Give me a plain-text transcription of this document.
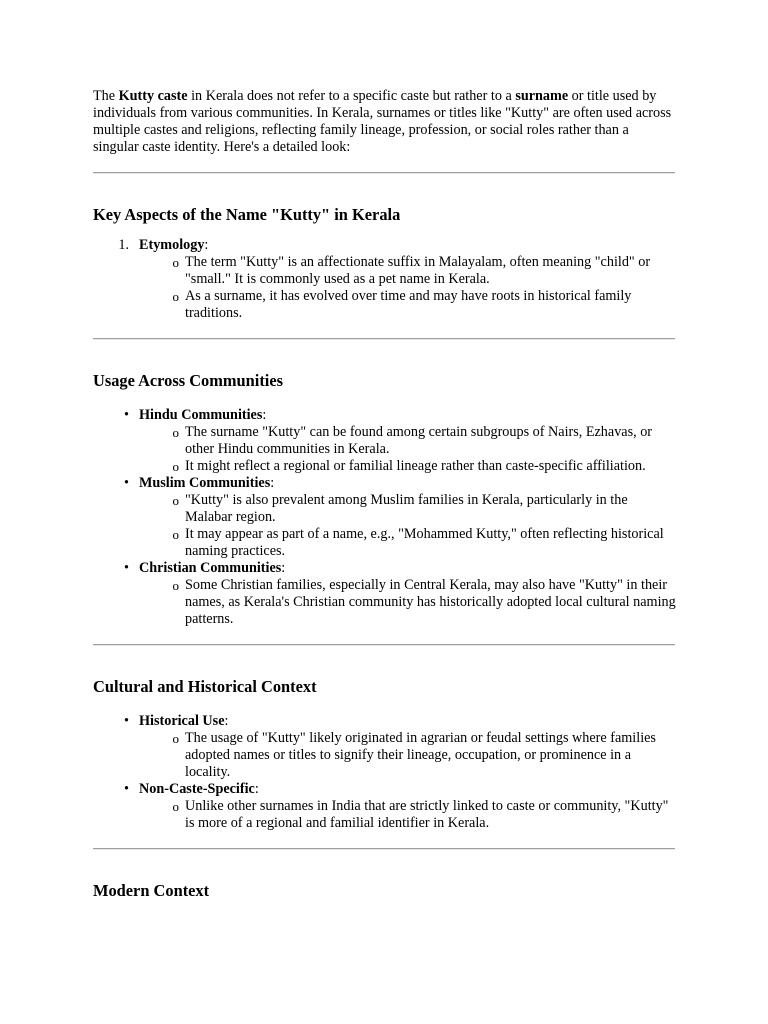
The Kutty caste in Kerala does not refer to a specific caste but rather to a surname or title used by individuals from various communities. In Kerala, surnames or titles like "Kutty" are often used across multiple castes and religions, reflecting family lineage, profession, or social roles rather than a singular caste identity. Here's a detailed look:

Key Aspects of the Name "Kutty" in Kerala
1. Etymology:
o The term "Kutty" is an affectionate suffix in Malayalam, often meaning "child" or "small." It is commonly used as a pet name in Kerala.
o As a surname, it has evolved over time and may have roots in historical family traditions.
Usage Across Communities
• Hindu Communities:
o The surname "Kutty" can be found among certain subgroups of Nairs, Ezhavas, or other Hindu communities in Kerala.
o It might reflect a regional or familial lineage rather than caste-specific affiliation.
• Muslim Communities:
o "Kutty" is also prevalent among Muslim families in Kerala, particularly in the Malabar region.
o It may appear as part of a name, e.g., "Mohammed Kutty," often reflecting historical naming practices.
• Christian Communities:
o Some Christian families, especially in Central Kerala, may also have "Kutty" in their names, as Kerala's Christian community has historically adopted local cultural naming patterns.
Cultural and Historical Context
• Historical Use:
o The usage of "Kutty" likely originated in agrarian or feudal settings where families adopted names or titles to signify their lineage, occupation, or prominence in a locality.
• Non-Caste-Specific:
o Unlike other surnames in India that are strictly linked to caste or community, "Kutty" is more of a regional and familial identifier in Kerala.
Modern Context
